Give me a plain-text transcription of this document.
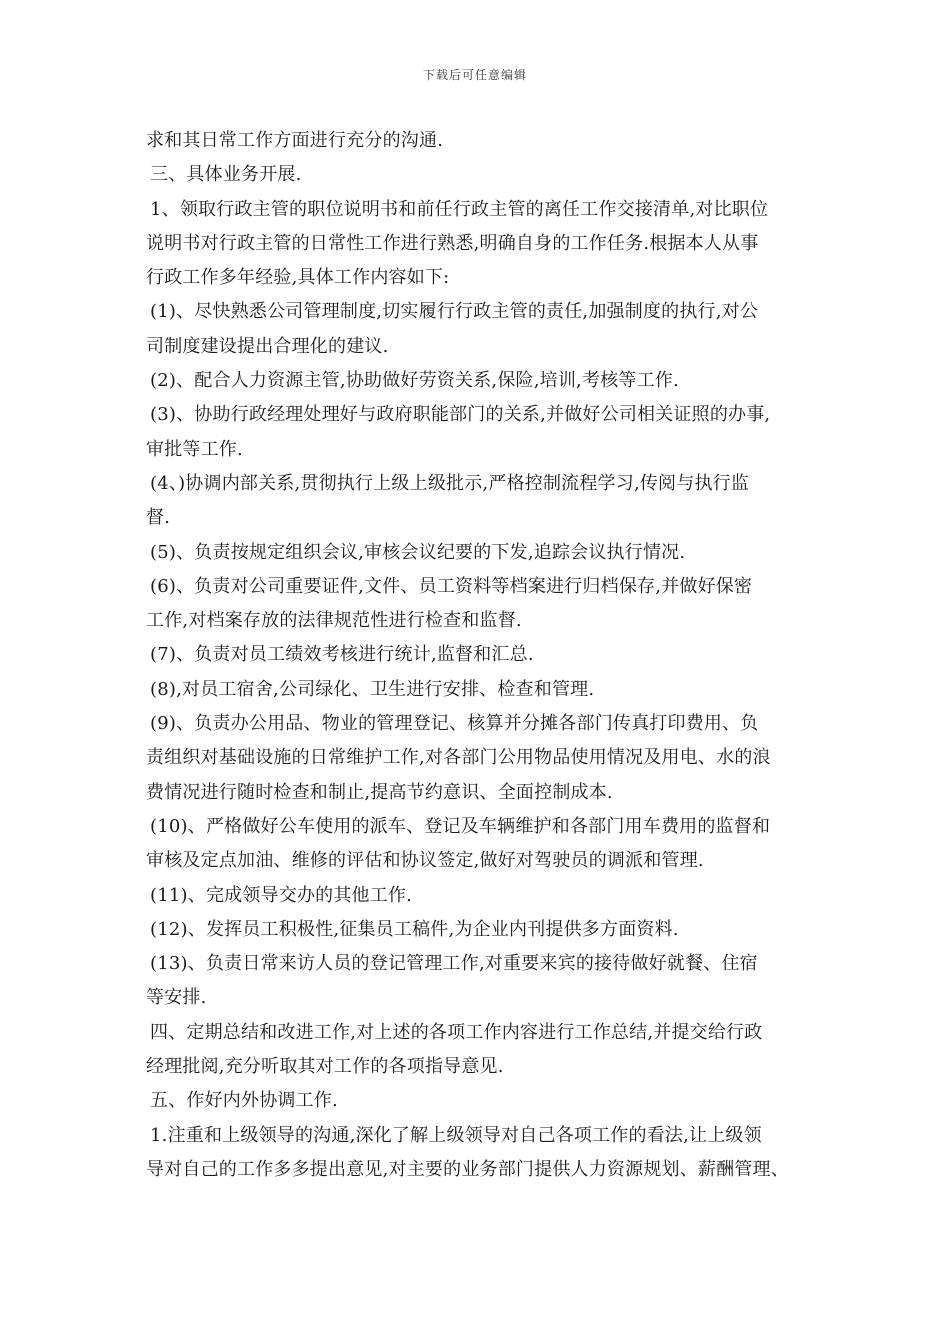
下载后可任意编辑
求和其日常工作方面进行充分的沟通.
三、具体业务开展.
1、领取行政主管的职位说明书和前任行政主管的离任工作交接清单,对比职位
说明书对行政主管的日常性工作进行熟悉,明确自身的工作任务.根据本人从事
行政工作多年经验,具体工作内容如下:
(1)、尽快熟悉公司管理制度,切实履行行政主管的责任,加强制度的执行,对公
司制度建设提出合理化的建议.
(2)、配合人力资源主管,协助做好劳资关系,保险,培训,考核等工作.
(3)、协助行政经理处理好与政府职能部门的关系,并做好公司相关证照的办事,
审批等工作.
(4、)协调内部关系,贯彻执行上级上级批示,严格控制流程学习,传阅与执行监
督.
(5)、负责按规定组织会议,审核会议纪要的下发,追踪会议执行情况.
(6)、负责对公司重要证件,文件、员工资料等档案进行归档保存,并做好保密
工作,对档案存放的法律规范性进行检查和监督.
(7)、负责对员工绩效考核进行统计,监督和汇总.
(8),对员工宿舍,公司绿化、卫生进行安排、检查和管理.
(9)、负责办公用品、物业的管理登记、核算并分摊各部门传真打印费用、负
责组织对基础设施的日常维护工作,对各部门公用物品使用情况及用电、水的浪
费情况进行随时检查和制止,提高节约意识、全面控制成本.
(10)、严格做好公车使用的派车、登记及车辆维护和各部门用车费用的监督和
审核及定点加油、维修的评估和协议签定,做好对驾驶员的调派和管理.
(11)、完成领导交办的其他工作.
(12)、发挥员工积极性,征集员工稿件,为企业内刊提供多方面资料.
(13)、负责日常来访人员的登记管理工作,对重要来宾的接待做好就餐、住宿
等安排.
四、定期总结和改进工作,对上述的各项工作内容进行工作总结,并提交给行政
经理批阅,充分听取其对工作的各项指导意见.
五、作好内外协调工作.
1.注重和上级领导的沟通,深化了解上级领导对自己各项工作的看法,让上级领
导对自己的工作多多提出意见,对主要的业务部门提供人力资源规划、薪酬管理、
